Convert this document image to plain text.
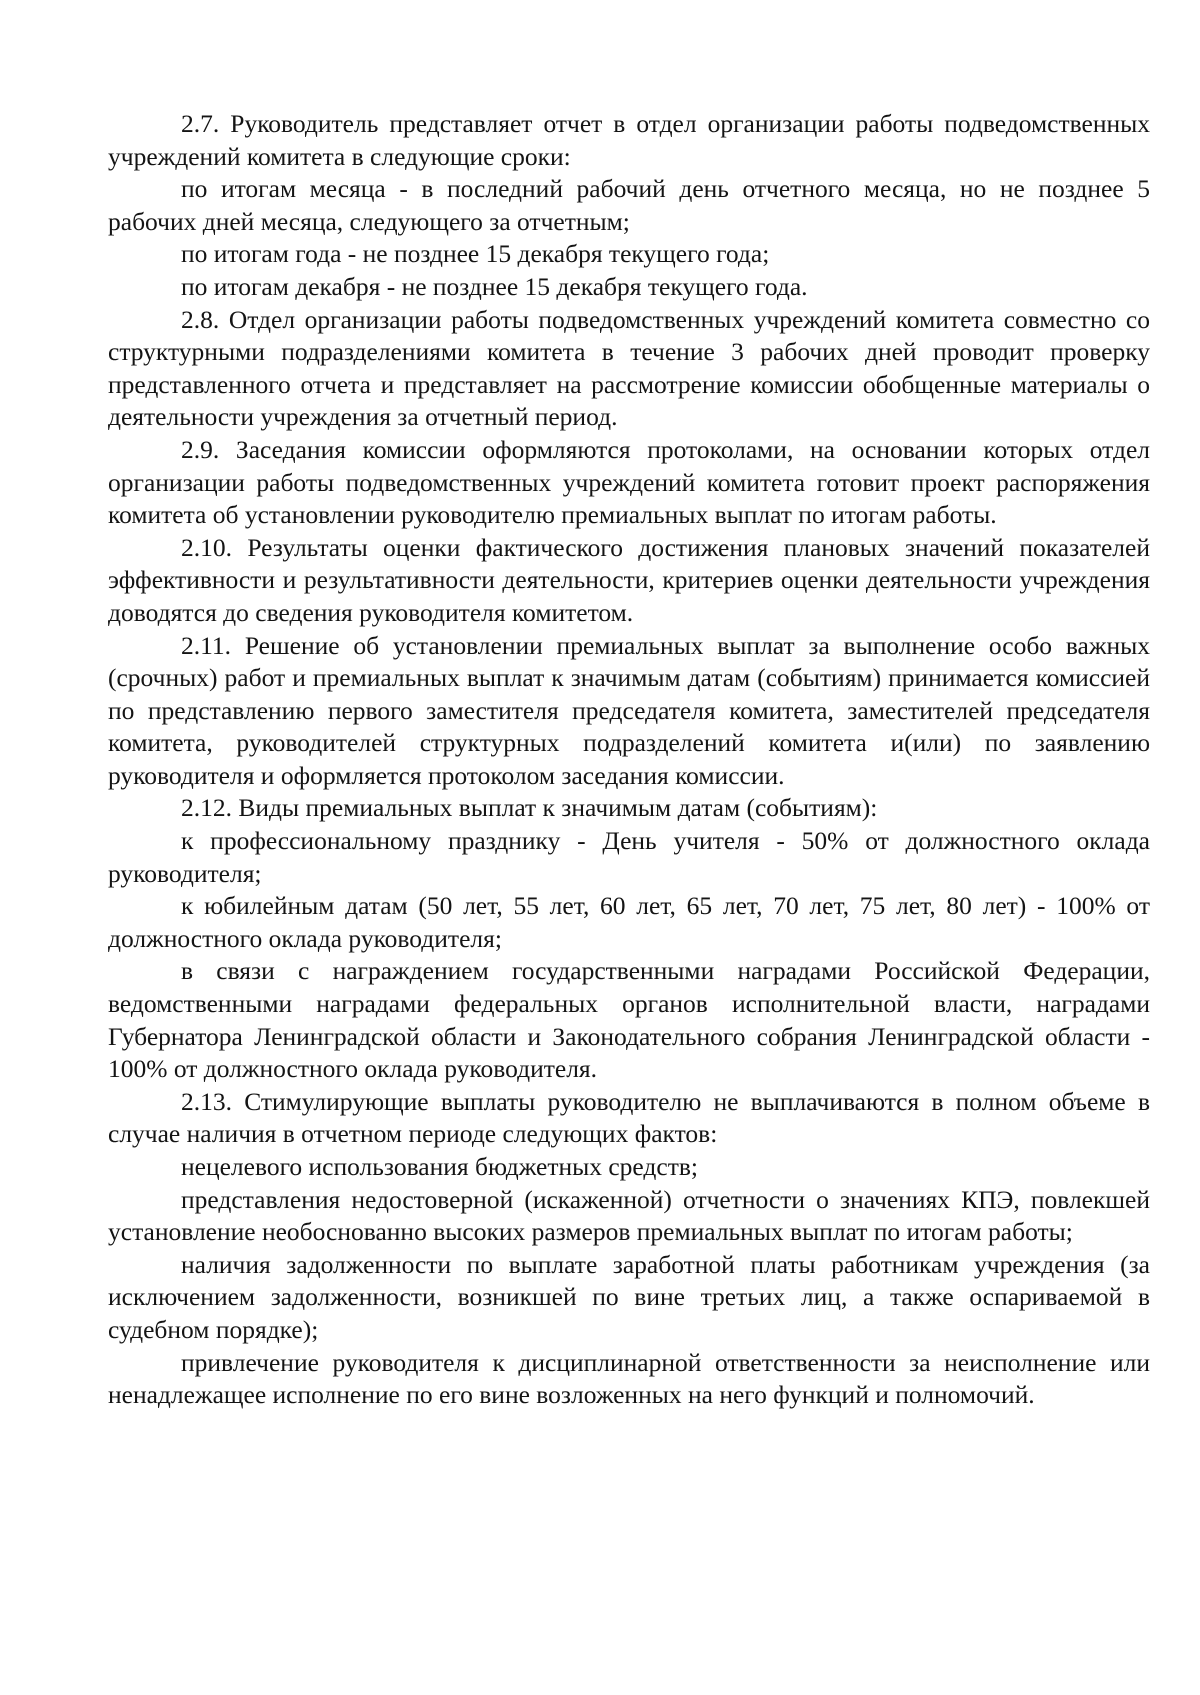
2.7. Руководитель представляет отчет в отдел организации работы подведомственных учреждений комитета в следующие сроки:

по итогам месяца - в последний рабочий день отчетного месяца, но не позднее 5 рабочих дней месяца, следующего за отчетным;

по итогам года - не позднее 15 декабря текущего года;

по итогам декабря - не позднее 15 декабря текущего года.

2.8. Отдел организации работы подведомственных учреждений комитета совместно со структурными подразделениями комитета в течение 3 рабочих дней проводит проверку представленного отчета и представляет на рассмотрение комиссии обобщенные материалы о деятельности учреждения за отчетный период.

2.9. Заседания комиссии оформляются протоколами, на основании которых отдел организации работы подведомственных учреждений комитета готовит проект распоряжения комитета об установлении руководителю премиальных выплат по итогам работы.

2.10. Результаты оценки фактического достижения плановых значений показателей эффективности и результативности деятельности, критериев оценки деятельности учреждения доводятся до сведения руководителя комитетом.

2.11. Решение об установлении премиальных выплат за выполнение особо важных (срочных) работ и премиальных выплат к значимым датам (событиям) принимается комиссией по представлению первого заместителя председателя комитета, заместителей председателя комитета, руководителей структурных подразделений комитета и(или) по заявлению руководителя и оформляется протоколом заседания комиссии.

2.12. Виды премиальных выплат к значимым датам (событиям):

к профессиональному празднику - День учителя - 50% от должностного оклада руководителя;

к юбилейным датам (50 лет, 55 лет, 60 лет, 65 лет, 70 лет, 75 лет, 80 лет) - 100% от должностного оклада руководителя;

в связи с награждением государственными наградами Российской Федерации, ведомственными наградами федеральных органов исполнительной власти, наградами Губернатора Ленинградской области и Законодательного собрания Ленинградской области - 100% от должностного оклада руководителя.

2.13. Стимулирующие выплаты руководителю не выплачиваются в полном объеме в случае наличия в отчетном периоде следующих фактов:

нецелевого использования бюджетных средств;

представления недостоверной (искаженной) отчетности о значениях КПЭ, повлекшей установление необоснованно высоких размеров премиальных выплат по итогам работы;

наличия задолженности по выплате заработной платы работникам учреждения (за исключением задолженности, возникшей по вине третьих лиц, а также оспариваемой в судебном порядке);

привлечение руководителя к дисциплинарной ответственности за неисполнение или ненадлежащее исполнение по его вине возложенных на него функций и полномочий.
